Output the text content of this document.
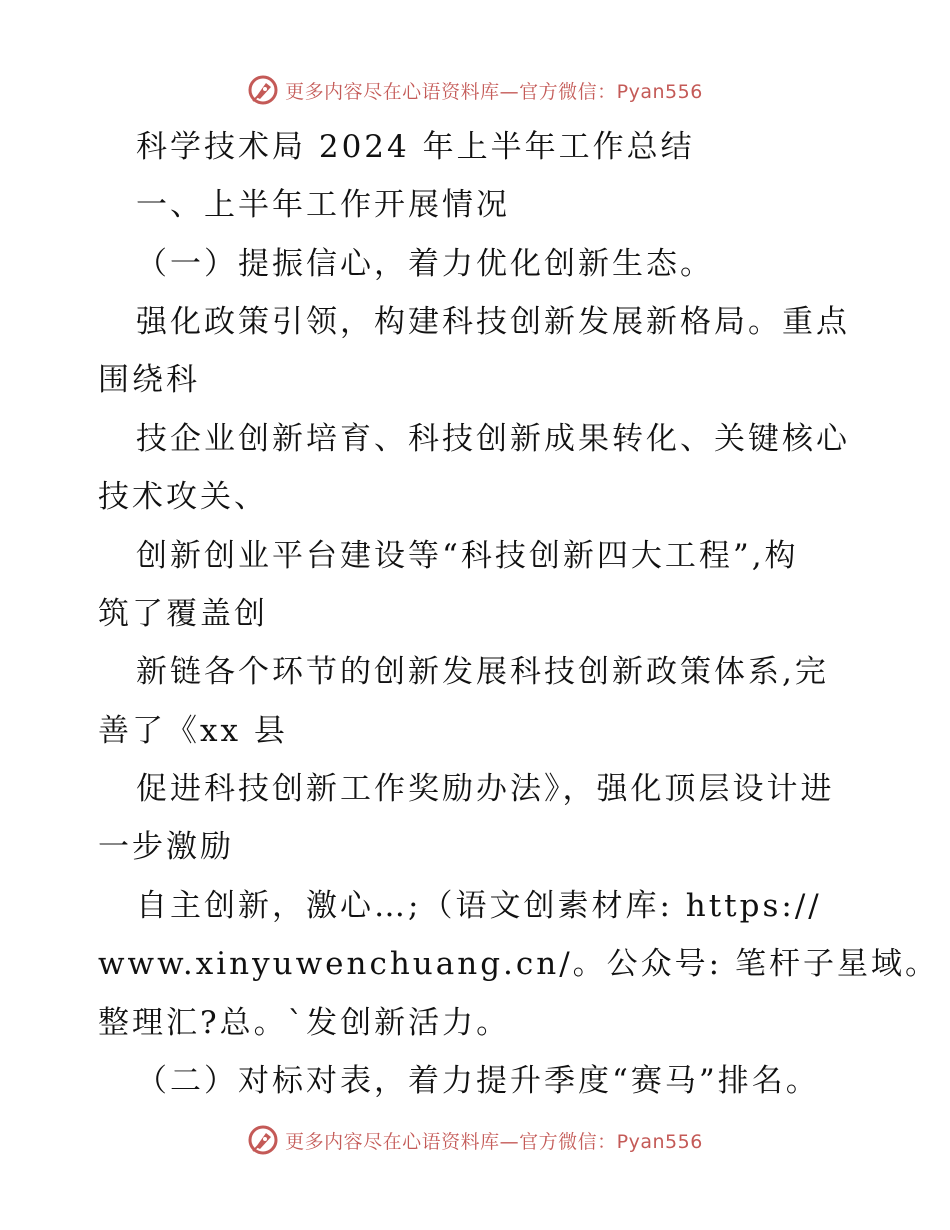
更多内容尽在心语资料库—官方微信：Pyan556
科学技术局 2024 年上半年工作总结
一、上半年工作开展情况
（一）提振信心，着力优化创新生态。
强化政策引领，构建科技创新发展新格局。重点
围绕科
技企业创新培育、科技创新成果转化、关键核心
技术攻关、
创新创业平台建设等“科技创新四大工程”,构
筑了覆盖创
新链各个环节的创新发展科技创新政策体系,完
善了《xx 县
促进科技创新工作奖励办法》，强化顶层设计进
一步激励
自主创新，激心…;（语文创素材库: https://
www.xinyuwenchuang.cn/。公众号: 笔杆子星域。
整理汇?总。`发创新活力。
（二）对标对表，着力提升季度“赛马”排名。
更多内容尽在心语资料库—官方微信：Pyan556
